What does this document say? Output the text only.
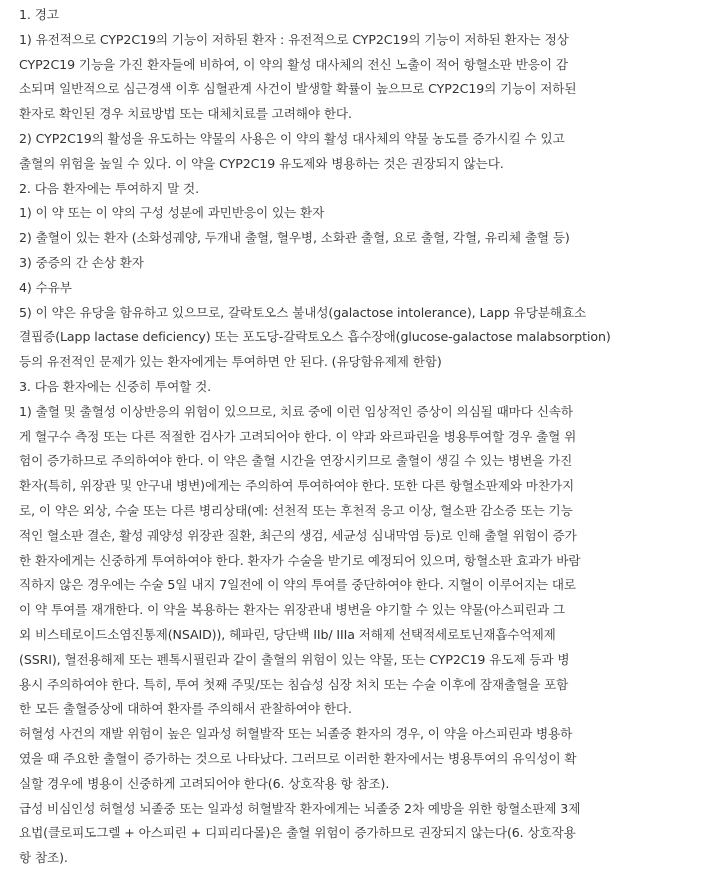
1. 경고
1) 유전적으로 CYP2C19의 기능이 저하된 환자 : 유전적으로 CYP2C19의 기능이 저하된 환자는 정상
CYP2C19 기능을 가진 환자들에 비하여, 이 약의 활성 대사체의 전신 노출이 적어 항혈소판 반응이 감
소되며 일반적으로 심근경색 이후 심혈관계 사건이 발생할 확률이 높으므로 CYP2C19의 기능이 저하된
환자로 확인된 경우 치료방법 또는 대체치료를 고려해야 한다.
2) CYP2C19의 활성을 유도하는 약물의 사용은 이 약의 활성 대사체의 약물 농도를 증가시킬 수 있고
출혈의 위험을 높일 수 있다. 이 약을 CYP2C19 유도제와 병용하는 것은 권장되지 않는다.
2. 다음 환자에는 투여하지 말 것.
1) 이 약 또는 이 약의 구성 성분에 과민반응이 있는 환자
2) 출혈이 있는 환자 (소화성궤양, 두개내 출혈, 혈우병, 소화관 출혈, 요로 출혈, 각혈, 유리체 출혈 등)
3) 중증의 간 손상 환자
4) 수유부
5) 이 약은 유당을 함유하고 있으므로, 갈락토오스 불내성(galactose intolerance), Lapp 유당분해효소
결핍증(Lapp lactase deficiency) 또는 포도당-갈락토오스 흡수장애(glucose-galactose malabsorption)
등의 유전적인 문제가 있는 환자에게는 투여하면 안 된다. (유당함유제제 한함)
3. 다음 환자에는 신중히 투여할 것.
1) 출혈 및 출혈성 이상반응의 위험이 있으므로, 치료 중에 이런 임상적인 증상이 의심될 때마다 신속하
게 혈구수 측정 또는 다른 적절한 검사가 고려되어야 한다. 이 약과 와르파린을 병용투여할 경우 출혈 위
험이 증가하므로 주의하여야 한다. 이 약은 출혈 시간을 연장시키므로 출혈이 생길 수 있는 병변을 가진
환자(특히, 위장관 및 안구내 병변)에게는 주의하여 투여하여야 한다. 또한 다른 항혈소판제와 마찬가지
로, 이 약은 외상, 수술 또는 다른 병리상태(예: 선천적 또는 후천적 응고 이상, 혈소판 감소증 또는 기능
적인 혈소판 결손, 활성 궤양성 위장관 질환, 최근의 생검, 세균성 심내막염 등)로 인해 출혈 위험이 증가
한 환자에게는 신중하게 투여하여야 한다. 환자가 수술을 받기로 예정되어 있으며, 항혈소판 효과가 바람
직하지 않은 경우에는 수술 5일 내지 7일전에 이 약의 투여를 중단하여야 한다. 지혈이 이루어지는 대로
이 약 투여를 재개한다. 이 약을 복용하는 환자는 위장관내 병변을 야기할 수 있는 약물(아스피린과 그
외 비스테로이드소염진통제(NSAID)), 헤파린, 당단백 IIb/ IIIa 저해제 선택적세로토닌재흡수억제제
(SSRI), 혈전용해제 또는 펜톡시필린과 같이 출혈의 위험이 있는 약물, 또는 CYP2C19 유도제 등과 병
용시 주의하여야 한다. 특히, 투여 첫째 주및/또는 침습성 심장 처치 또는 수술 이후에 잠재출혈을 포함
한 모든 출혈증상에 대하여 환자를 주의해서 관찰하여야 한다.
허혈성 사건의 재발 위험이 높은 일과성 허혈발작 또는 뇌졸중 환자의 경우, 이 약을 아스피린과 병용하
였을 때 주요한 출혈이 증가하는 것으로 나타났다. 그러므로 이러한 환자에서는 병용투여의 유익성이 확
실할 경우에 병용이 신중하게 고려되어야 한다(6. 상호작용 항 참조).
급성 비심인성 허혈성 뇌졸중 또는 일과성 허혈발작 환자에게는 뇌졸중 2차 예방을 위한 항혈소판제 3제
요법(클로피도그렐 + 아스피린 + 디피리다몰)은 출혈 위험이 증가하므로 권장되지 않는다(6. 상호작용
항 참조).
